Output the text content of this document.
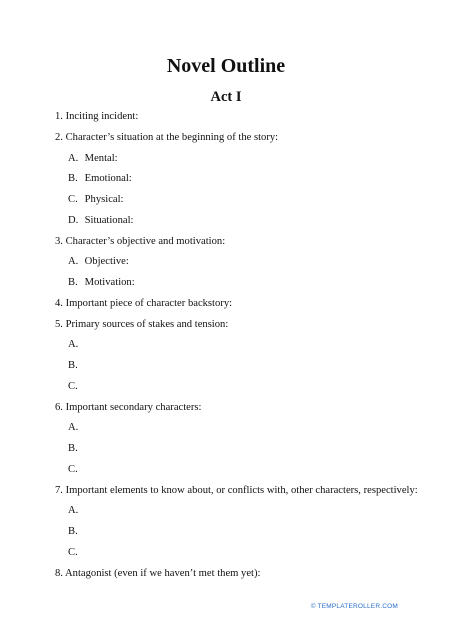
Novel Outline
Act I
1. Inciting incident:
2. Character’s situation at the beginning of the story:
A. Mental:
B. Emotional:
C. Physical:
D. Situational:
3. Character’s objective and motivation:
A. Objective:
B. Motivation:
4. Important piece of character backstory:
5. Primary sources of stakes and tension:
A.
B.
C.
6. Important secondary characters:
A.
B.
C.
7. Important elements to know about, or conflicts with, other characters, respectively:
A.
B.
C.
8. Antagonist (even if we haven’t met them yet):
© TEMPLATEROLLER.COM
